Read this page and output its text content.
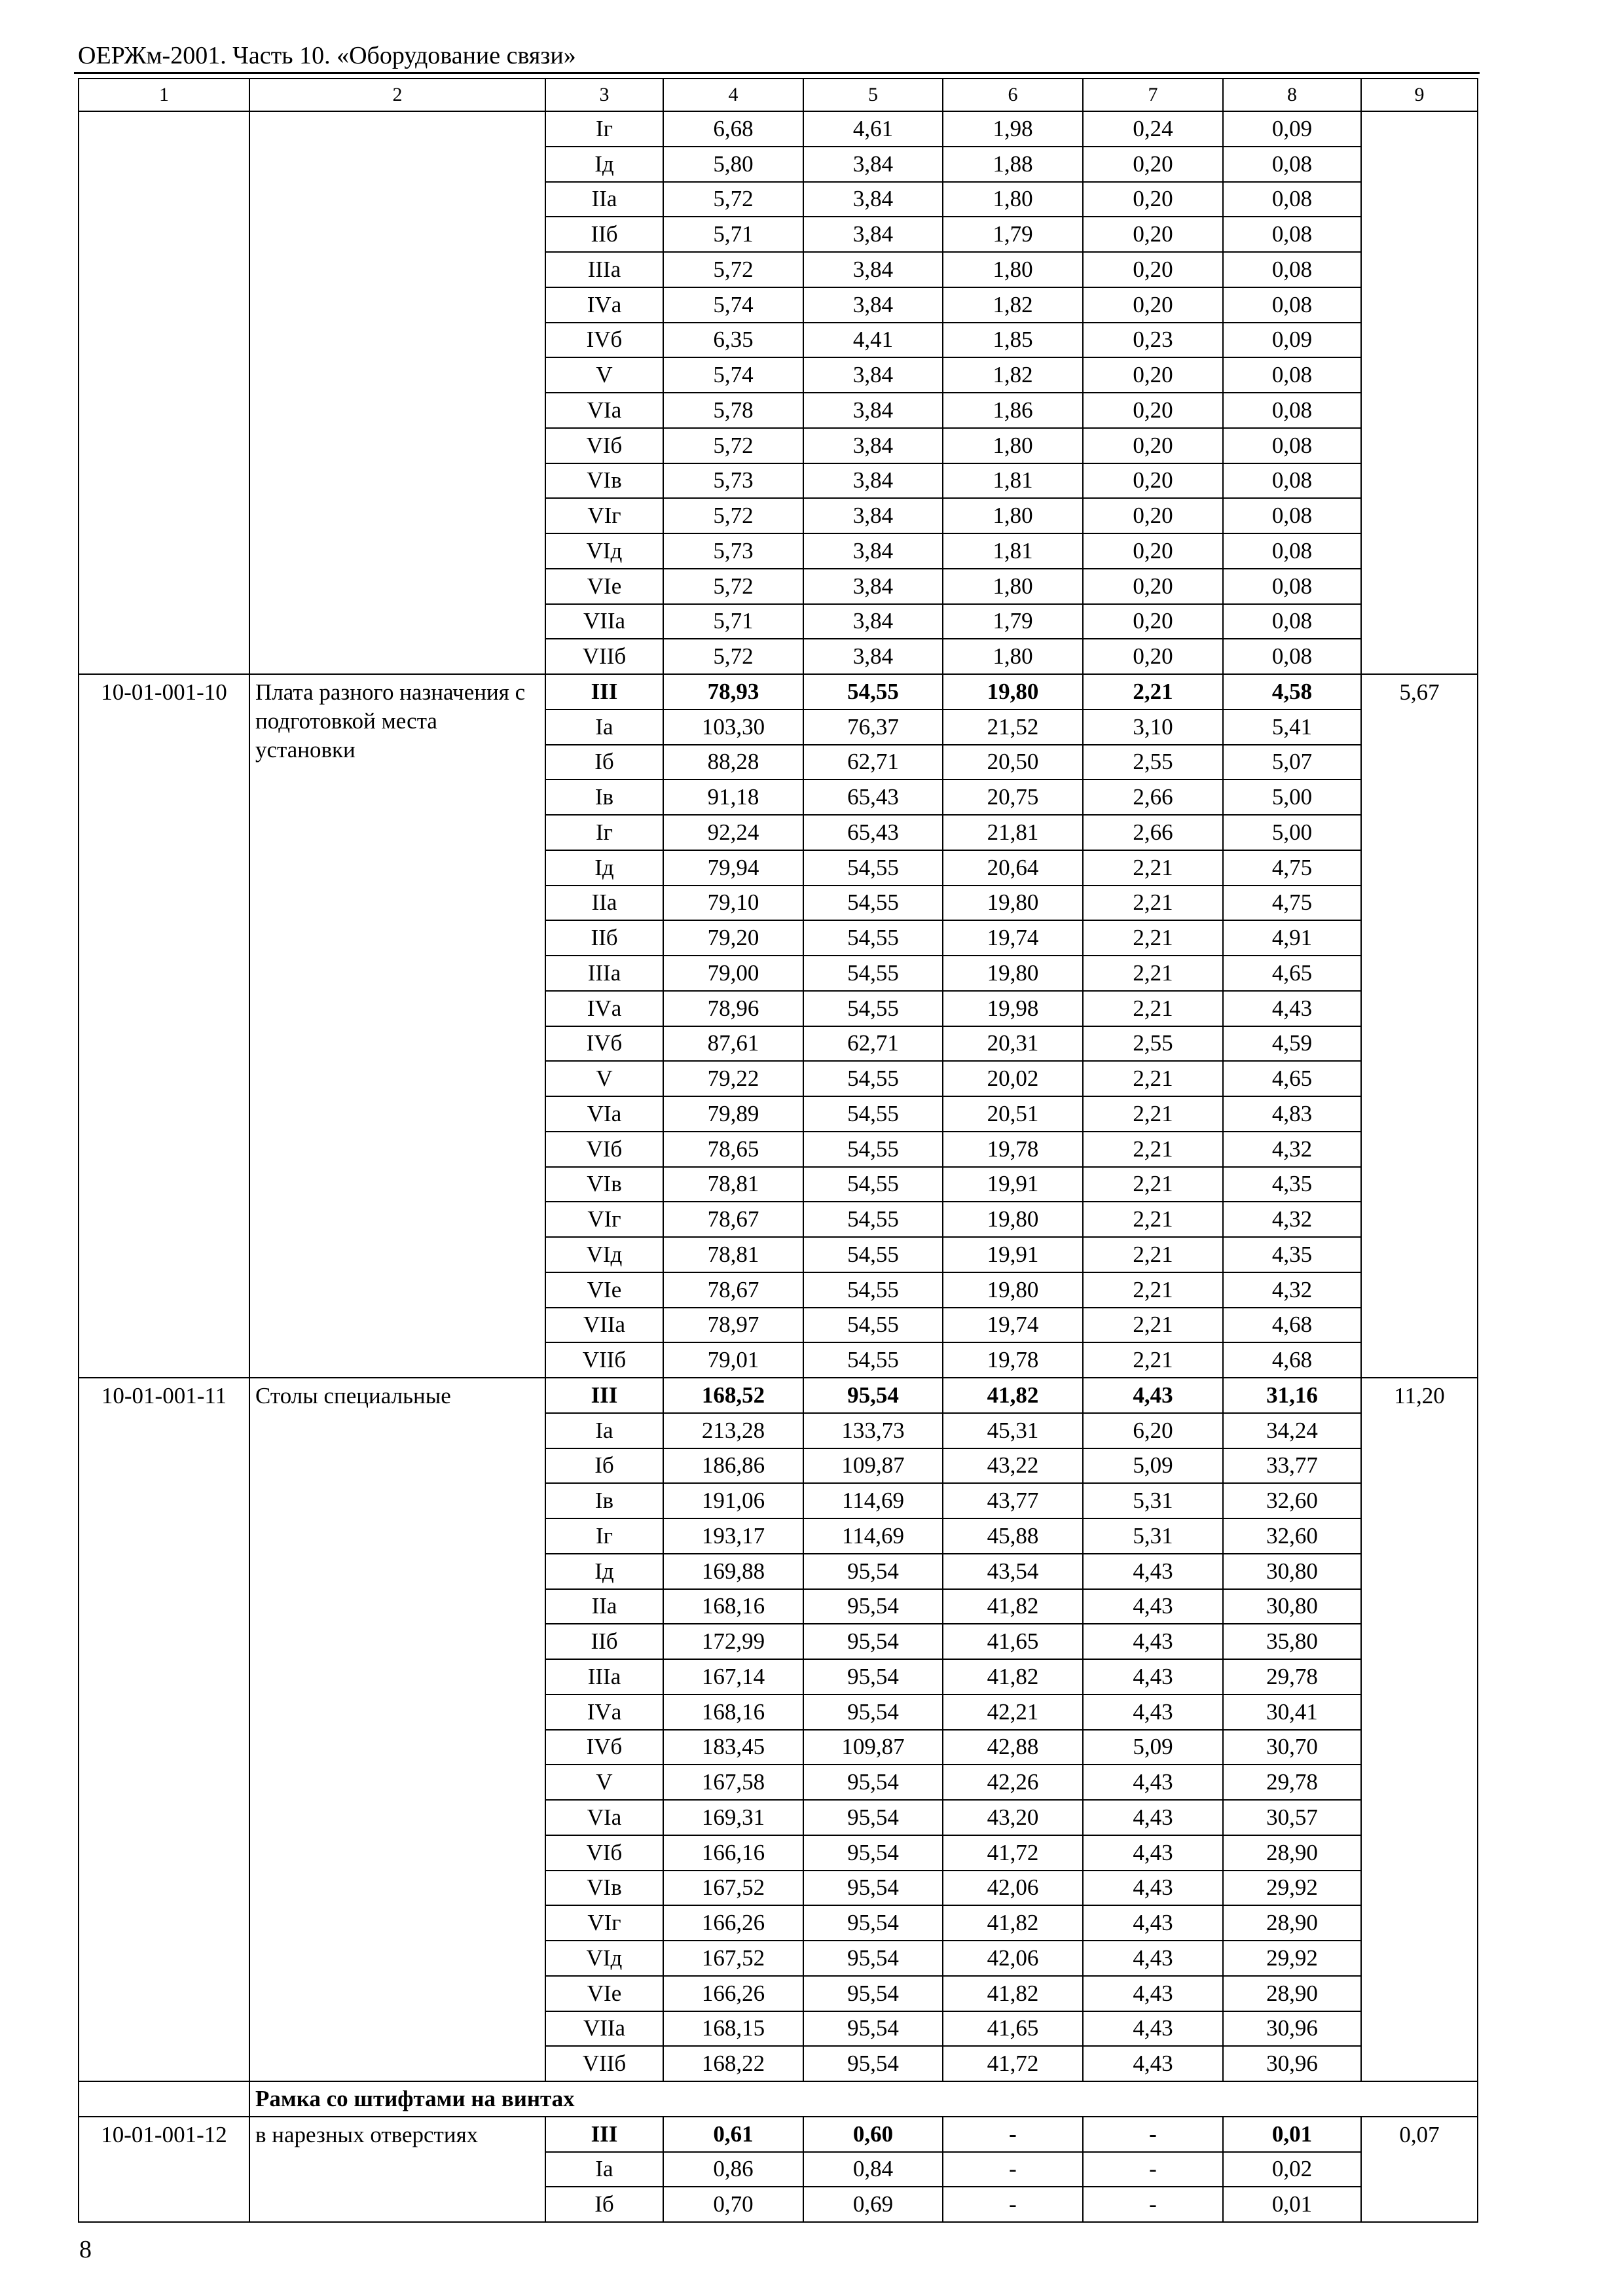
ОЕРЖм-2001. Часть 10. «Оборудование связи»
1	2	3	4	5	6	7	8	9
		Iг	6,68	4,61	1,98	0,24	0,09	
		Iд	5,80	3,84	1,88	0,20	0,08	
		IIа	5,72	3,84	1,80	0,20	0,08	
		IIб	5,71	3,84	1,79	0,20	0,08	
		IIIа	5,72	3,84	1,80	0,20	0,08	
		IVа	5,74	3,84	1,82	0,20	0,08	
		IVб	6,35	4,41	1,85	0,23	0,09	
		V	5,74	3,84	1,82	0,20	0,08	
		VIа	5,78	3,84	1,86	0,20	0,08	
		VIб	5,72	3,84	1,80	0,20	0,08	
		VIв	5,73	3,84	1,81	0,20	0,08	
		VIг	5,72	3,84	1,80	0,20	0,08	
		VIд	5,73	3,84	1,81	0,20	0,08	
		VIе	5,72	3,84	1,80	0,20	0,08	
		VIIа	5,71	3,84	1,79	0,20	0,08	
		VIIб	5,72	3,84	1,80	0,20	0,08	
10-01-001-10	Плата разного назначения с подготовкой места установки	III	78,93	54,55	19,80	2,21	4,58	5,67
		Iа	103,30	76,37	21,52	3,10	5,41	
		Iб	88,28	62,71	20,50	2,55	5,07	
		Iв	91,18	65,43	20,75	2,66	5,00	
		Iг	92,24	65,43	21,81	2,66	5,00	
		Iд	79,94	54,55	20,64	2,21	4,75	
		IIа	79,10	54,55	19,80	2,21	4,75	
		IIб	79,20	54,55	19,74	2,21	4,91	
		IIIа	79,00	54,55	19,80	2,21	4,65	
		IVа	78,96	54,55	19,98	2,21	4,43	
		IVб	87,61	62,71	20,31	2,55	4,59	
		V	79,22	54,55	20,02	2,21	4,65	
		VIа	79,89	54,55	20,51	2,21	4,83	
		VIб	78,65	54,55	19,78	2,21	4,32	
		VIв	78,81	54,55	19,91	2,21	4,35	
		VIг	78,67	54,55	19,80	2,21	4,32	
		VIд	78,81	54,55	19,91	2,21	4,35	
		VIе	78,67	54,55	19,80	2,21	4,32	
		VIIа	78,97	54,55	19,74	2,21	4,68	
		VIIб	79,01	54,55	19,78	2,21	4,68	
10-01-001-11	Столы специальные	III	168,52	95,54	41,82	4,43	31,16	11,20
		Iа	213,28	133,73	45,31	6,20	34,24	
		Iб	186,86	109,87	43,22	5,09	33,77	
		Iв	191,06	114,69	43,77	5,31	32,60	
		Iг	193,17	114,69	45,88	5,31	32,60	
		Iд	169,88	95,54	43,54	4,43	30,80	
		IIа	168,16	95,54	41,82	4,43	30,80	
		IIб	172,99	95,54	41,65	4,43	35,80	
		IIIа	167,14	95,54	41,82	4,43	29,78	
		IVа	168,16	95,54	42,21	4,43	30,41	
		IVб	183,45	109,87	42,88	5,09	30,70	
		V	167,58	95,54	42,26	4,43	29,78	
		VIа	169,31	95,54	43,20	4,43	30,57	
		VIб	166,16	95,54	41,72	4,43	28,90	
		VIв	167,52	95,54	42,06	4,43	29,92	
		VIг	166,26	95,54	41,82	4,43	28,90	
		VIд	167,52	95,54	42,06	4,43	29,92	
		VIе	166,26	95,54	41,82	4,43	28,90	
		VIIа	168,15	95,54	41,65	4,43	30,96	
		VIIб	168,22	95,54	41,72	4,43	30,96	
	Рамка со штифтами на винтах							
10-01-001-12	в нарезных отверстиях	III	0,61	0,60	-	-	0,01	0,07
		Iа	0,86	0,84	-	-	0,02	
		Iб	0,70	0,69	-	-	0,01	
8
